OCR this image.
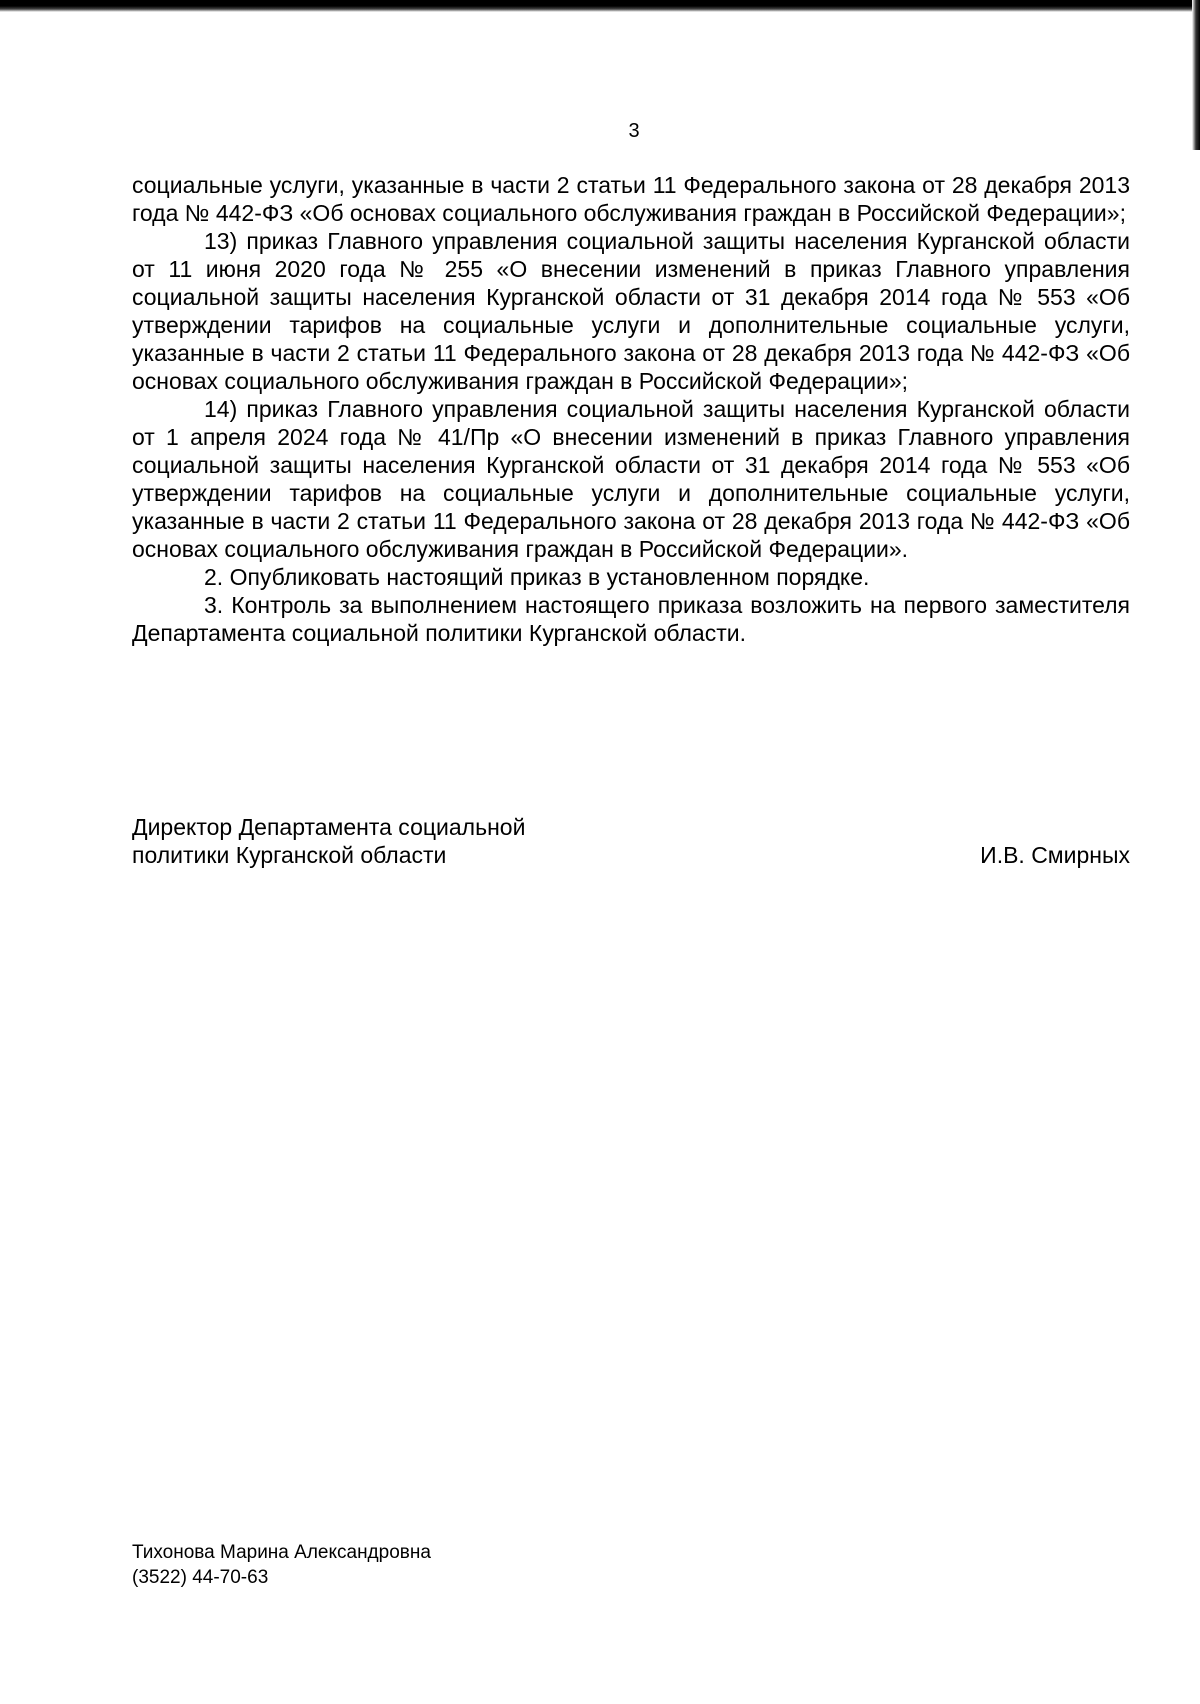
3

социальные услуги, указанные в части 2 статьи 11 Федерального закона от 28 декабря 2013 года № 442-ФЗ «Об основах социального обслуживания граждан в Российской Федерации»;

13) приказ Главного управления социальной защиты населения Курганской области от 11 июня 2020 года № 255 «О внесении изменений в приказ Главного управления социальной защиты населения Курганской области от 31 декабря 2014 года № 553 «Об утверждении тарифов на социальные услуги и дополнительные социальные услуги, указанные в части 2 статьи 11 Федерального закона от 28 декабря 2013 года № 442-ФЗ «Об основах социального обслуживания граждан в Российской Федерации»;

14) приказ Главного управления социальной защиты населения Курганской области от 1 апреля 2024 года № 41/Пр «О внесении изменений в приказ Главного управления социальной защиты населения Курганской области от 31 декабря 2014 года № 553 «Об утверждении тарифов на социальные услуги и дополнительные социальные услуги, указанные в части 2 статьи 11 Федерального закона от 28 декабря 2013 года № 442-ФЗ «Об основах социального обслуживания граждан в Российской Федерации».

2. Опубликовать настоящий приказ в установленном порядке.

3. Контроль за выполнением настоящего приказа возложить на первого заместителя Департамента социальной политики Курганской области.

Директор Департамента социальной
политики Курганской области	И.В. Смирных
Тихонова Марина Александровна
(3522) 44-70-63
